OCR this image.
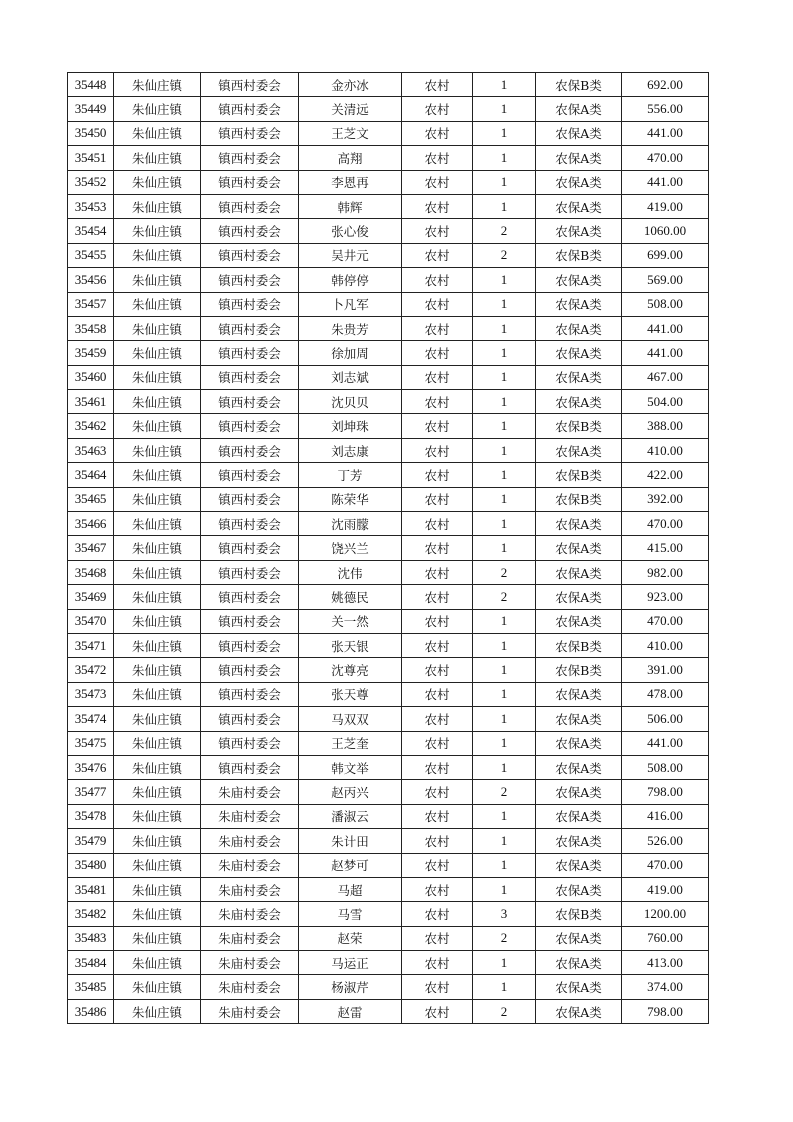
35448	朱仙庄镇	镇西村委会	金亦冰	农村	1	农保B类	692.00
35449	朱仙庄镇	镇西村委会	关清远	农村	1	农保A类	556.00
35450	朱仙庄镇	镇西村委会	王芝文	农村	1	农保A类	441.00
35451	朱仙庄镇	镇西村委会	高翔	农村	1	农保A类	470.00
35452	朱仙庄镇	镇西村委会	李恩再	农村	1	农保A类	441.00
35453	朱仙庄镇	镇西村委会	韩辉	农村	1	农保A类	419.00
35454	朱仙庄镇	镇西村委会	张心俊	农村	2	农保A类	1060.00
35455	朱仙庄镇	镇西村委会	吴井元	农村	2	农保B类	699.00
35456	朱仙庄镇	镇西村委会	韩停停	农村	1	农保A类	569.00
35457	朱仙庄镇	镇西村委会	卜凡军	农村	1	农保A类	508.00
35458	朱仙庄镇	镇西村委会	朱贵芳	农村	1	农保A类	441.00
35459	朱仙庄镇	镇西村委会	徐加周	农村	1	农保A类	441.00
35460	朱仙庄镇	镇西村委会	刘志斌	农村	1	农保A类	467.00
35461	朱仙庄镇	镇西村委会	沈贝贝	农村	1	农保A类	504.00
35462	朱仙庄镇	镇西村委会	刘坤珠	农村	1	农保B类	388.00
35463	朱仙庄镇	镇西村委会	刘志康	农村	1	农保A类	410.00
35464	朱仙庄镇	镇西村委会	丁芳	农村	1	农保B类	422.00
35465	朱仙庄镇	镇西村委会	陈荣华	农村	1	农保B类	392.00
35466	朱仙庄镇	镇西村委会	沈雨朦	农村	1	农保A类	470.00
35467	朱仙庄镇	镇西村委会	饶兴兰	农村	1	农保A类	415.00
35468	朱仙庄镇	镇西村委会	沈伟	农村	2	农保A类	982.00
35469	朱仙庄镇	镇西村委会	姚德民	农村	2	农保A类	923.00
35470	朱仙庄镇	镇西村委会	关一然	农村	1	农保A类	470.00
35471	朱仙庄镇	镇西村委会	张天银	农村	1	农保B类	410.00
35472	朱仙庄镇	镇西村委会	沈尊亮	农村	1	农保B类	391.00
35473	朱仙庄镇	镇西村委会	张天尊	农村	1	农保A类	478.00
35474	朱仙庄镇	镇西村委会	马双双	农村	1	农保A类	506.00
35475	朱仙庄镇	镇西村委会	王芝奎	农村	1	农保A类	441.00
35476	朱仙庄镇	镇西村委会	韩文举	农村	1	农保A类	508.00
35477	朱仙庄镇	朱庙村委会	赵丙兴	农村	2	农保A类	798.00
35478	朱仙庄镇	朱庙村委会	潘淑云	农村	1	农保A类	416.00
35479	朱仙庄镇	朱庙村委会	朱计田	农村	1	农保A类	526.00
35480	朱仙庄镇	朱庙村委会	赵梦可	农村	1	农保A类	470.00
35481	朱仙庄镇	朱庙村委会	马超	农村	1	农保A类	419.00
35482	朱仙庄镇	朱庙村委会	马雪	农村	3	农保B类	1200.00
35483	朱仙庄镇	朱庙村委会	赵荣	农村	2	农保A类	760.00
35484	朱仙庄镇	朱庙村委会	马运正	农村	1	农保A类	413.00
35485	朱仙庄镇	朱庙村委会	杨淑芹	农村	1	农保A类	374.00
35486	朱仙庄镇	朱庙村委会	赵雷	农村	2	农保A类	798.00
